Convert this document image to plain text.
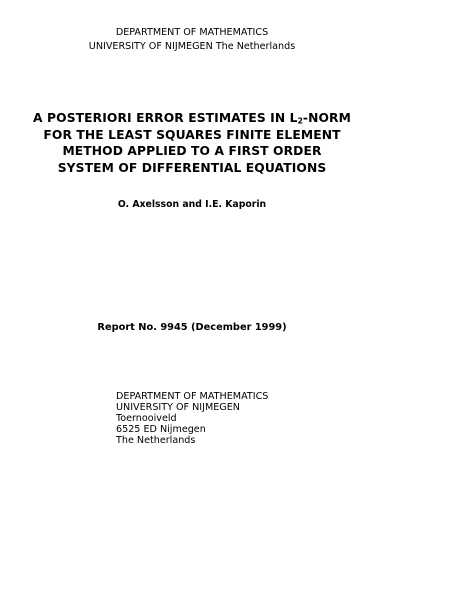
DEPARTMENT OF MATHEMATICS
UNIVERSITY OF NIJMEGEN The Netherlands
A POSTERIORI ERROR ESTIMATES IN $L_2$-NORM
FOR THE LEAST SQUARES FINITE ELEMENT
METHOD APPLIED TO A FIRST ORDER
SYSTEM OF DIFFERENTIAL EQUATIONS
O. Axelsson and I.E. Kaporin
Report No. 9945 (December 1999)
DEPARTMENT OF MATHEMATICS
UNIVERSITY OF NIJMEGEN
Toernooiveld
6525 ED Nijmegen
The Netherlands
